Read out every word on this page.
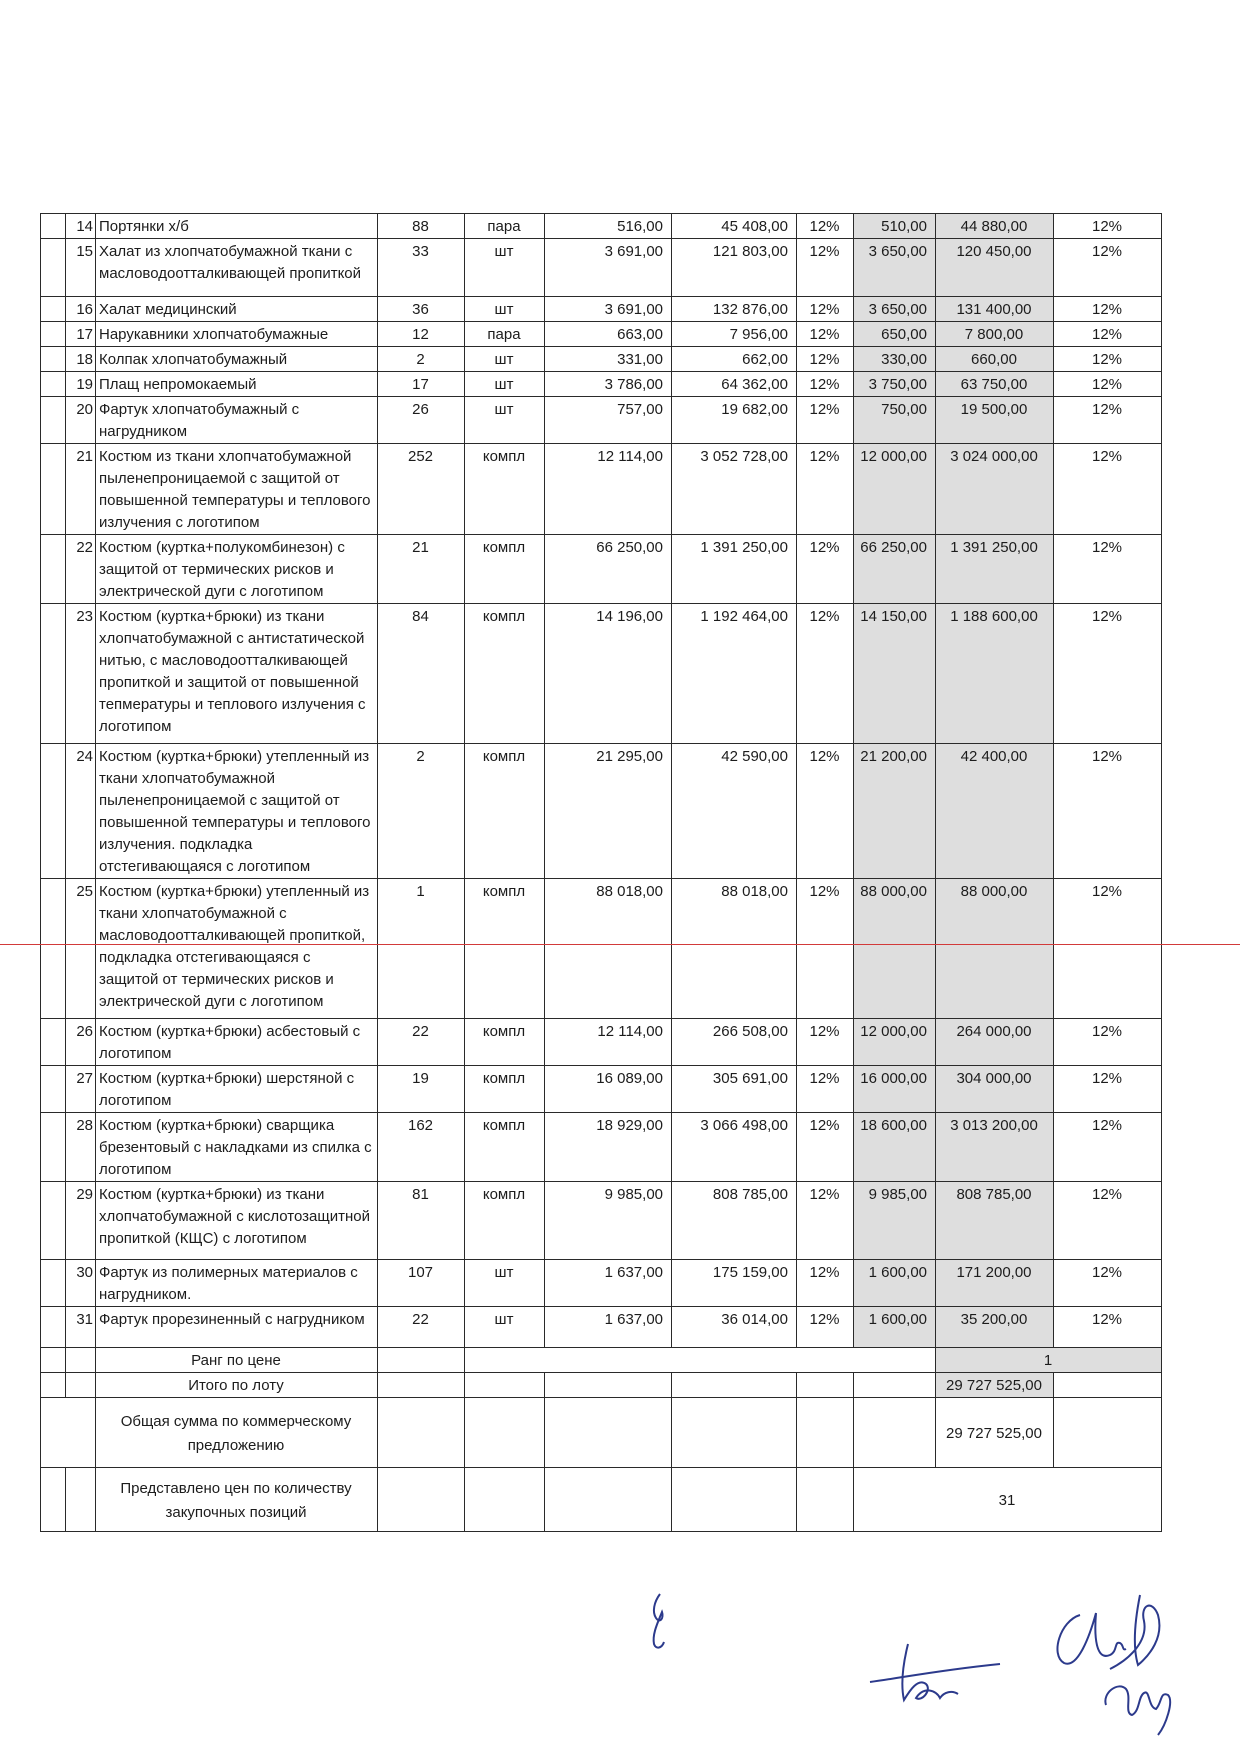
	14	Портянки х/б	88	пара	516,00	45 408,00	12%	510,00	44 880,00	12%
	15	Халат из хлопчатобумажной ткани с масловодоотталкивающей пропиткой	33	шт	3 691,00	121 803,00	12%	3 650,00	120 450,00	12%
	16	Халат медицинский	36	шт	3 691,00	132 876,00	12%	3 650,00	131 400,00	12%
	17	Нарукавники хлопчатобумажные	12	пара	663,00	7 956,00	12%	650,00	7 800,00	12%
	18	Колпак хлопчатобумажный	2	шт	331,00	662,00	12%	330,00	660,00	12%
	19	Плащ непромокаемый	17	шт	3 786,00	64 362,00	12%	3 750,00	63 750,00	12%
	20	Фартук хлопчатобумажный с нагрудником	26	шт	757,00	19 682,00	12%	750,00	19 500,00	12%
	21	Костюм из ткани хлопчатобумажной пыленепроницаемой с защитой от повышенной температуры и теплового излучения с логотипом	252	компл	12 114,00	3 052 728,00	12%	12 000,00	3 024 000,00	12%
	22	Костюм (куртка+полукомбинезон) с защитой от термических рисков и электрической дуги с логотипом	21	компл	66 250,00	1 391 250,00	12%	66 250,00	1 391 250,00	12%
	23	Костюм (куртка+брюки) из ткани хлопчатобумажной с антистатической нитью, с масловодоотталкивающей пропиткой и защитой от повышенной тепмературы и теплового излучения с логотипом	84	компл	14 196,00	1 192 464,00	12%	14 150,00	1 188 600,00	12%
	24	Костюм (куртка+брюки) утепленный из ткани хлопчатобумажной пыленепроницаемой с защитой от повышенной температуры и теплового излучения. подкладка отстегивающаяся с логотипом	2	компл	21 295,00	42 590,00	12%	21 200,00	42 400,00	12%
	25	Костюм (куртка+брюки) утепленный из ткани хлопчатобумажной с масловодоотталкивающей пропиткой, подкладка отстегивающаяся с защитой от термических рисков и электрической дуги с логотипом	1	компл	88 018,00	88 018,00	12%	88 000,00	88 000,00	12%
	26	Костюм (куртка+брюки) асбестовый с логотипом	22	компл	12 114,00	266 508,00	12%	12 000,00	264 000,00	12%
	27	Костюм (куртка+брюки) шерстяной с логотипом	19	компл	16 089,00	305 691,00	12%	16 000,00	304 000,00	12%
	28	Костюм (куртка+брюки) сварщика брезентовый с накладками из спилка с логотипом	162	компл	18 929,00	3 066 498,00	12%	18 600,00	3 013 200,00	12%
	29	Костюм (куртка+брюки) из ткани хлопчатобумажной с кислотозащитной пропиткой (КЩС) с логотипом	81	компл	9 985,00	808 785,00	12%	9 985,00	808 785,00	12%
	30	Фартук из полимерных материалов с нагрудником.	107	шт	1 637,00	175 159,00	12%	1 600,00	171 200,00	12%
	31	Фартук прорезиненный с нагрудником	22	шт	1 637,00	36 014,00	12%	1 600,00	35 200,00	12%
		Ранг по цене							1	
		Итого по лоту							29 727 525,00	
		Общая сумма по коммерческому предложению							29 727 525,00	
		Представлено цен по количеству закупочных позиций						31		
